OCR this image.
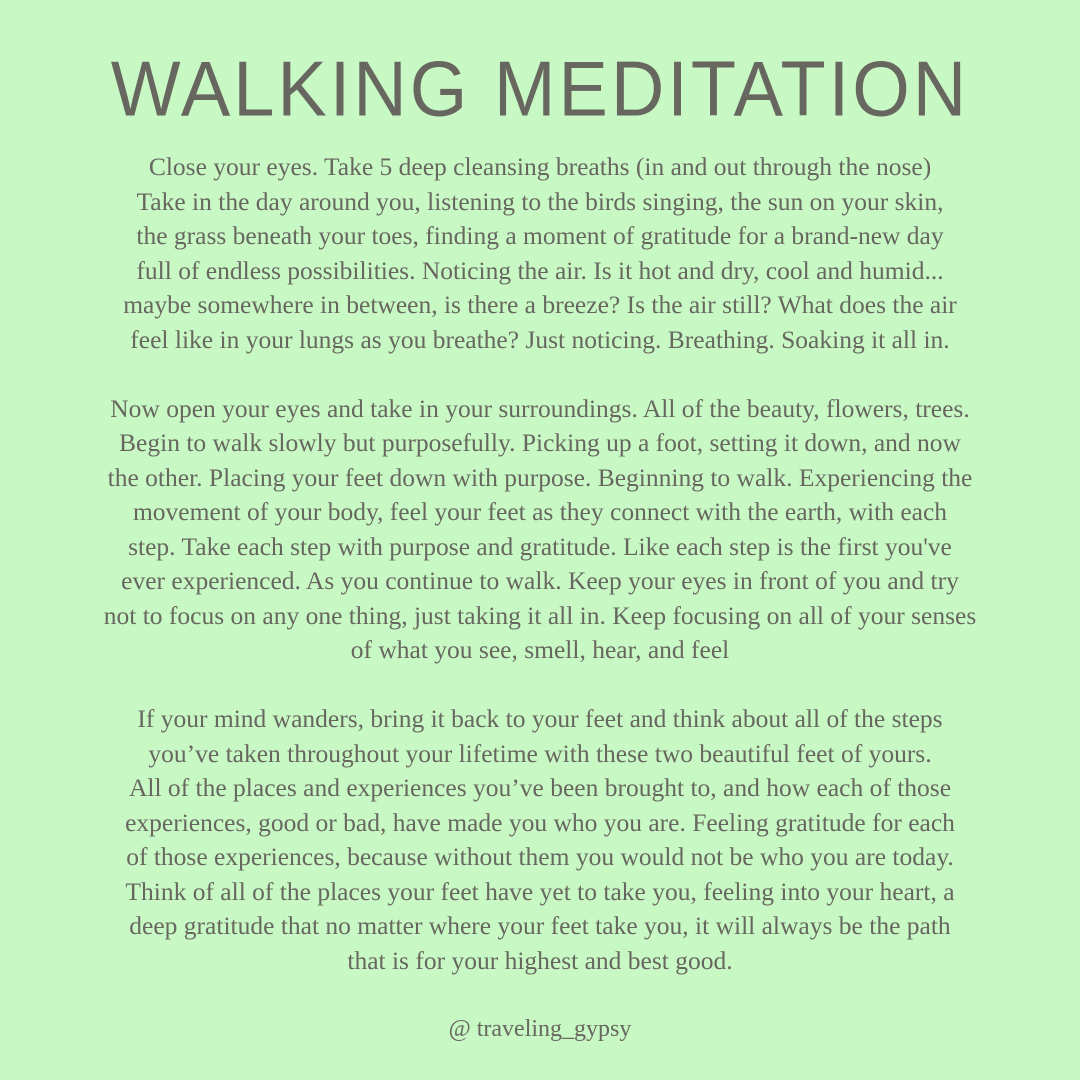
WALKING MEDITATION

Close your eyes. Take 5 deep cleansing breaths (in and out through the nose)
Take in the day around you, listening to the birds singing, the sun on your skin,
the grass beneath your toes, finding a moment of gratitude for a brand-new day
full of endless possibilities. Noticing the air. Is it hot and dry, cool and humid...
maybe somewhere in between, is there a breeze? Is the air still? What does the air
feel like in your lungs as you breathe? Just noticing. Breathing. Soaking it all in.

Now open your eyes and take in your surroundings. All of the beauty, flowers, trees.
Begin to walk slowly but purposefully. Picking up a foot, setting it down, and now
the other. Placing your feet down with purpose. Beginning to walk. Experiencing the
movement of your body, feel your feet as they connect with the earth, with each
step. Take each step with purpose and gratitude. Like each step is the first you've
ever experienced. As you continue to walk. Keep your eyes in front of you and try
not to focus on any one thing, just taking it all in. Keep focusing on all of your senses
of what you see, smell, hear, and feel

If your mind wanders, bring it back to your feet and think about all of the steps
you’ve taken throughout your lifetime with these two beautiful feet of yours.
All of the places and experiences you’ve been brought to, and how each of those
experiences, good or bad, have made you who you are. Feeling gratitude for each
of those experiences, because without them you would not be who you are today.
Think of all of the places your feet have yet to take you, feeling into your heart, a
deep gratitude that no matter where your feet take you, it will always be the path
that is for your highest and best good.

@ traveling_gypsy
